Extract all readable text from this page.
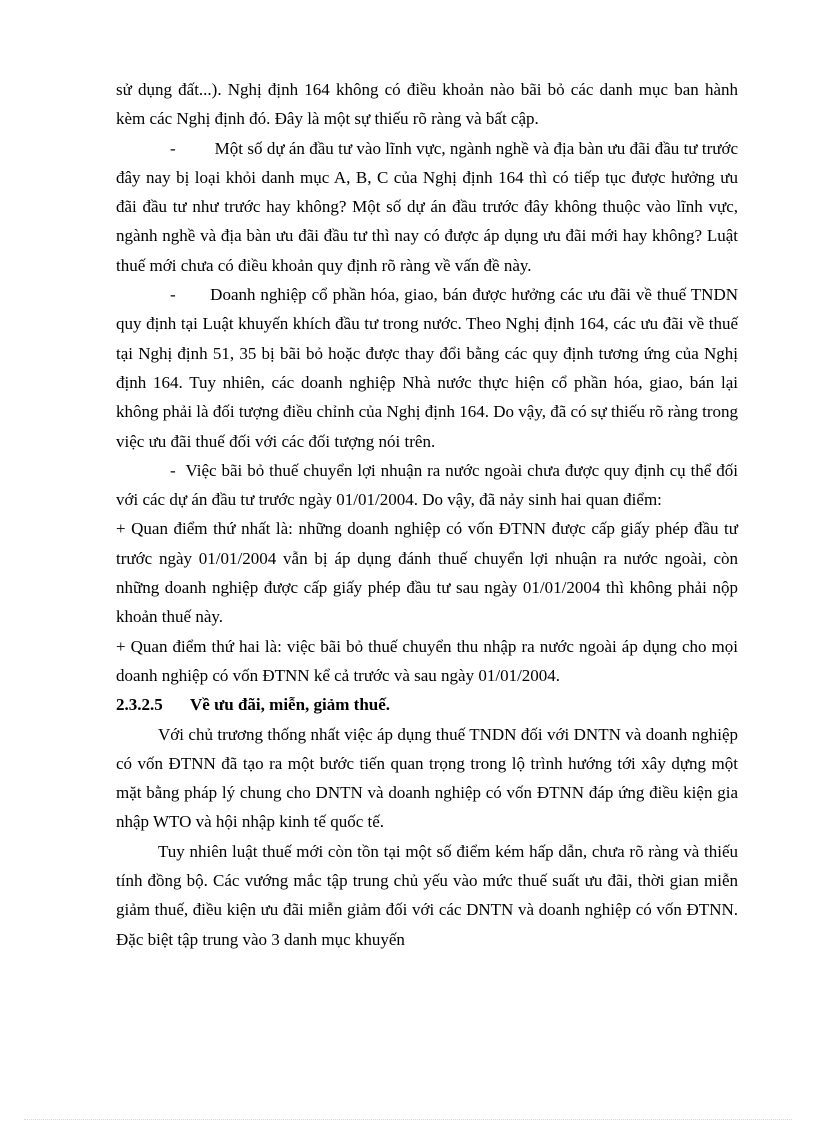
sử dụng đất...). Nghị định 164 không có điều khoản nào bãi bỏ các danh mục ban hành kèm các Nghị định đó. Đây là một sự thiếu rõ ràng và bất cập.

-         Một số dự án đầu tư vào lĩnh vực, ngành nghề và địa bàn ưu đãi đầu tư trước đây nay bị loại khỏi danh mục A, B, C của Nghị định 164 thì có tiếp tục được hưởng ưu đãi đầu tư như trước hay không? Một số dự án đầu trước đây không thuộc vào lĩnh vực, ngành nghề và địa bàn ưu đãi đầu tư thì nay có được áp dụng ưu đãi mới hay không? Luật thuế mới chưa có điều khoản quy định rõ ràng về vấn đề này.

-       Doanh nghiệp cổ phần hóa, giao, bán được hưởng các ưu đãi về thuế TNDN quy định tại Luật khuyến khích đầu tư trong nước. Theo Nghị định 164, các ưu đãi về thuế tại Nghị định 51, 35 bị bãi bỏ hoặc được thay đổi bằng các quy định tương ứng của Nghị định 164. Tuy nhiên, các doanh nghiệp Nhà nước thực hiện cổ phần hóa, giao, bán lại không phải là đối tượng điều chỉnh của Nghị định 164. Do vậy, đã có sự thiếu rõ ràng trong việc ưu đãi thuế đối với các đối tượng nói trên.

-  Việc bãi bỏ thuế chuyển lợi nhuận ra nước ngoài chưa được quy định cụ thể đối với các dự án đầu tư trước ngày 01/01/2004. Do vậy, đã nảy sinh hai quan điểm:

+ Quan điểm thứ nhất là: những doanh nghiệp có vốn ĐTNN được cấp giấy phép đầu tư trước ngày 01/01/2004 vẫn bị áp dụng đánh thuế chuyển lợi nhuận ra nước ngoài, còn những doanh nghiệp được cấp giấy phép đầu tư sau ngày 01/01/2004 thì không phải nộp khoản thuế này.

+ Quan điểm thứ hai là: việc bãi bỏ thuế chuyển thu nhập ra nước ngoài áp dụng cho mọi doanh nghiệp có vốn ĐTNN kể cả trước và sau ngày 01/01/2004.

2.3.2.5 Về ưu đãi, miễn, giảm thuế.

Với chủ trương thống nhất việc áp dụng thuế TNDN đối với DNTN và doanh nghiệp có vốn ĐTNN đã tạo ra một bước tiến quan trọng trong lộ trình hướng tới xây dựng một mặt bằng pháp lý chung cho DNTN và doanh nghiệp có vốn ĐTNN đáp ứng điều kiện gia nhập WTO và hội nhập kinh tế quốc tế.

Tuy nhiên luật thuế mới còn tồn tại một số điểm kém hấp dẫn, chưa rõ ràng và thiếu tính đồng bộ. Các vướng mắc tập trung chủ yếu vào mức thuế suất ưu đãi, thời gian miễn giảm thuế, điều kiện ưu đãi miễn giảm đối với các DNTN và doanh nghiệp có vốn ĐTNN. Đặc biệt tập trung vào 3 danh mục khuyến
